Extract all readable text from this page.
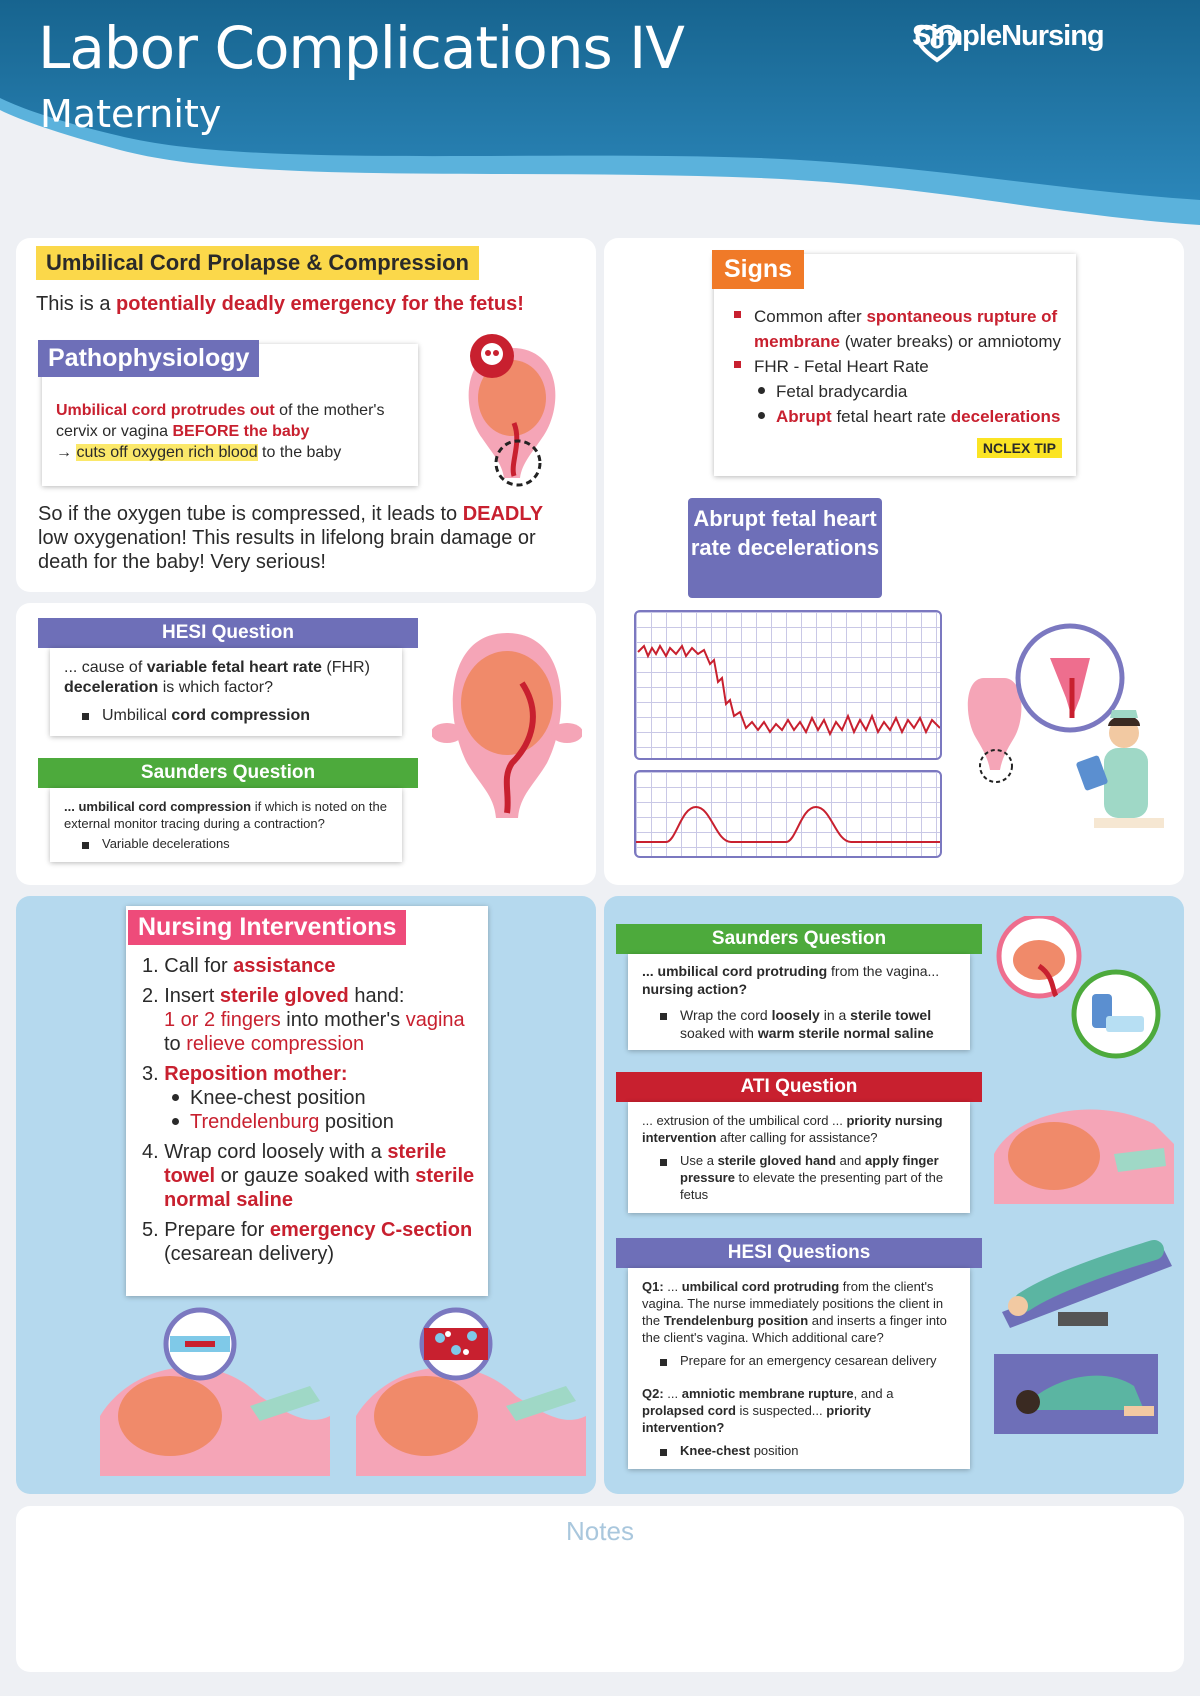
Labor Complications IV
Maternity
SimpleNursing
Umbilical Cord Prolapse & Compression
This is a potentially deadly emergency for the fetus!
Pathophysiology
Umbilical cord protrudes out of the mother's cervix or vagina BEFORE the baby
→ cuts off oxygen rich blood to the baby
So if the oxygen tube is compressed, it leads to DEADLY low oxygenation! This results in lifelong brain damage or death for the baby! Very serious!
HESI Question
... cause of variable fetal heart rate (FHR) deceleration is which factor?
Umbilical cord compression
Saunders Question
... umbilical cord compression if which is noted on the external monitor tracing during a contraction?
Variable decelerations
Signs
Common after spontaneous rupture of membrane (water breaks) or amniotomy
FHR - Fetal Heart Rate
Fetal bradycardia
Abrupt fetal heart rate decelerations
NCLEX TIP
Abrupt fetal heart rate decelerations
Nursing Interventions
1. Call for assistance
2. Insert sterile gloved hand:
1 or 2 fingers into mother's vagina
to relieve compression
3. Reposition mother:
Knee-chest position
Trendelenburg position
4. Wrap cord loosely with a sterile towel or gauze soaked with sterile normal saline
5. Prepare for emergency C-section (cesarean delivery)
Saunders Question
... umbilical cord protruding from the vagina... nursing action?
Wrap the cord loosely in a sterile towel soaked with warm sterile normal saline
ATI Question
... extrusion of the umbilical cord ... priority nursing intervention after calling for assistance?
Use a sterile gloved hand and apply finger pressure to elevate the presenting part of the fetus
HESI Questions
Q1: ... umbilical cord protruding from the client's vagina. The nurse immediately positions the client in the Trendelenburg position and inserts a finger into the client's vagina. Which additional care?
Prepare for an emergency cesarean delivery
Q2: ... amniotic membrane rupture, and a prolapsed cord is suspected... priority intervention?
Knee-chest position
Notes
